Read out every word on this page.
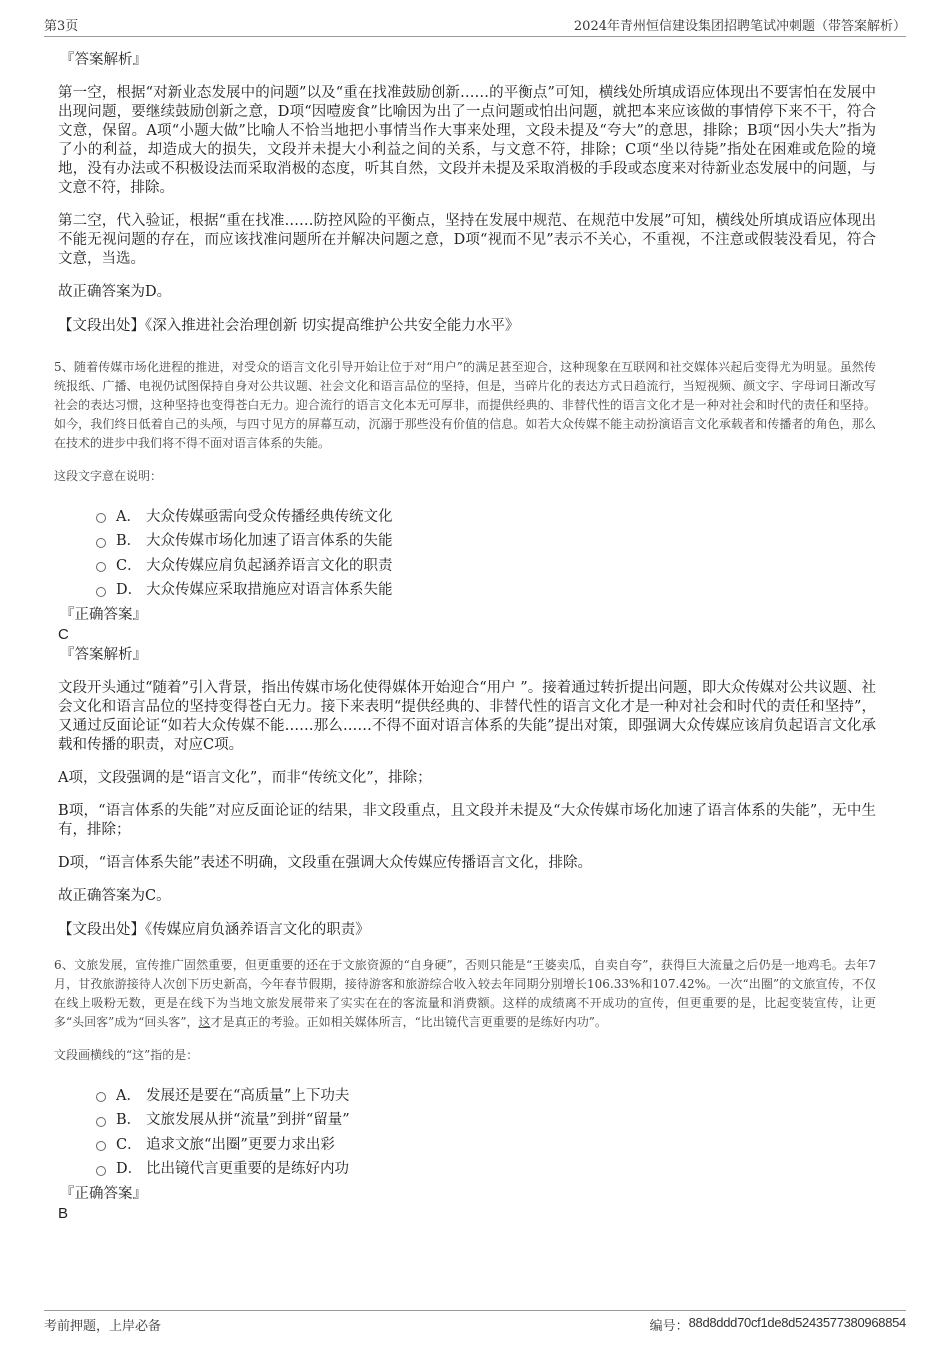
第3页	2024年青州恒信建设集团招聘笔试冲刺题（带答案解析）
『答案解析』
第一空，根据“对新业态发展中的问题”以及“重在找准鼓励创新……的平衡点”可知，横线处所填成语应体现出不要害怕在发展中出现问题，要继续鼓励创新之意，D项“因噎废食”比喻因为出了一点问题或怕出问题，就把本来应该做的事情停下来不干，符合文意，保留。A项“小题大做”比喻人不恰当地把小事情当作大事来处理，文段未提及“夸大”的意思，排除；B项“因小失大”指为了小的利益，却造成大的损失，文段并未提大小利益之间的关系，与文意不符，排除；C项“坐以待毙”指处在困难或危险的境地，没有办法或不积极设法而采取消极的态度，听其自然，文段并未提及采取消极的手段或态度来对待新业态发展中的问题，与文意不符，排除。
第二空，代入验证，根据“重在找准……防控风险的平衡点，坚持在发展中规范、在规范中发展”可知，横线处所填成语应体现出不能无视问题的存在，而应该找准问题所在并解决问题之意，D项“视而不见”表示不关心，不重视，不注意或假装没看见，符合文意，当选。
故正确答案为D。
【文段出处】《深入推进社会治理创新 切实提高维护公共安全能力水平》
5、随着传媒市场化进程的推进，对受众的语言文化引导开始让位于对“用户”的满足甚至迎合，这种现象在互联网和社交媒体兴起后变得尤为明显。虽然传统报纸、广播、电视仍试图保持自身对公共议题、社会文化和语言品位的坚持，但是，当碎片化的表达方式日趋流行，当短视频、颜文字、字母词日渐改写社会的表达习惯，这种坚持也变得苍白无力。迎合流行的语言文化本无可厚非，而提供经典的、非替代性的语言文化才是一种对社会和时代的责任和坚持。如今，我们终日低着自己的头颅，与四寸见方的屏幕互动，沉溺于那些没有价值的信息。如若大众传媒不能主动扮演语言文化承载者和传播者的角色，那么在技术的进步中我们将不得不面对语言体系的失能。
这段文字意在说明：
A． 大众传媒亟需向受众传播经典传统文化
B． 大众传媒市场化加速了语言体系的失能
C． 大众传媒应肩负起涵养语言文化的职责
D． 大众传媒应采取措施应对语言体系失能
『正确答案』
C
『答案解析』
文段开头通过“随着”引入背景，指出传媒市场化使得媒体开始迎合“用户 ”。接着通过转折提出问题，即大众传媒对公共议题、社会文化和语言品位的坚持变得苍白无力。接下来表明“提供经典的、非替代性的语言文化才是一种对社会和时代的责任和坚持”，又通过反面论证“如若大众传媒不能……那么……不得不面对语言体系的失能”提出对策，即强调大众传媒应该肩负起语言文化承载和传播的职责，对应C项。
A项，文段强调的是“语言文化”，而非“传统文化”，排除；
B项，“语言体系的失能”对应反面论证的结果，非文段重点，且文段并未提及“大众传媒市场化加速了语言体系的失能”，无中生有，排除；
D项，“语言体系失能”表述不明确，文段重在强调大众传媒应传播语言文化，排除。
故正确答案为C。
【文段出处】《传媒应肩负涵养语言文化的职责》
6、文旅发展，宣传推广固然重要，但更重要的还在于文旅资源的“自身硬”，否则只能是“王婆卖瓜，自卖自夸”，获得巨大流量之后仍是一地鸡毛。去年7月，甘孜旅游接待人次创下历史新高，今年春节假期，接待游客和旅游综合收入较去年同期分别增长106.33%和107.42%。一次“出圈”的文旅宣传，不仅在线上吸粉无数，更是在线下为当地文旅发展带来了实实在在的客流量和消费额。这样的成绩离不开成功的宣传，但更重要的是，比起变装宣传，让更多“头回客”成为“回头客”，这才是真正的考验。正如相关媒体所言，“比出镜代言更重要的是练好内功”。
文段画横线的“这”指的是：
A． 发展还是要在“高质量”上下功夫
B． 文旅发展从拼“流量”到拼“留量”
C． 追求文旅“出圈”更要力求出彩
D． 比出镜代言更重要的是练好内功
『正确答案』
B
考前押题，上岸必备	编号： 88d8ddd70cf1de8d5243577380968854
